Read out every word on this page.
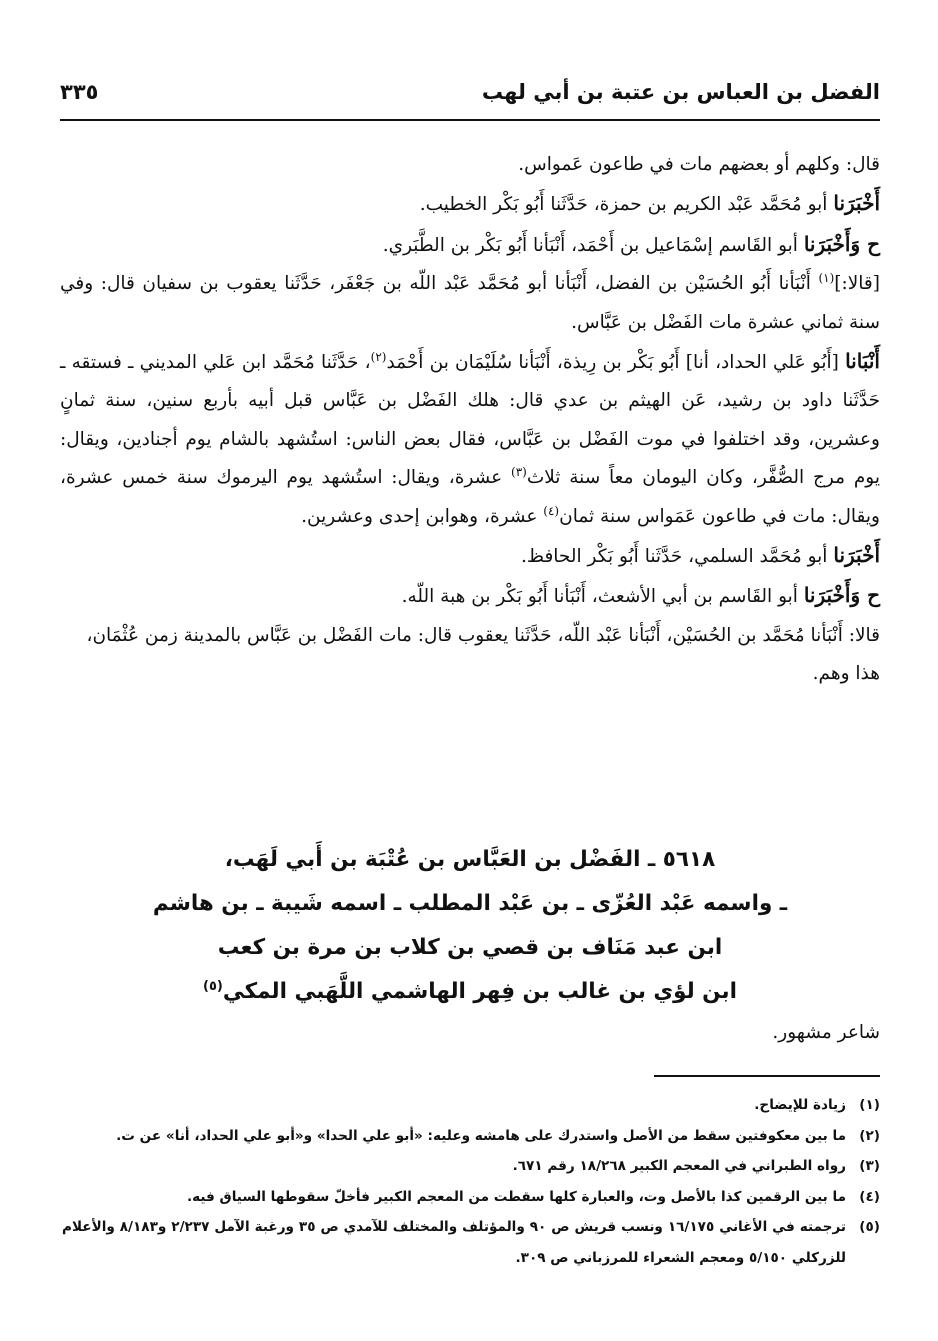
الفضل بن العباس بن عتبة بن أبي لهب
٣٣٥

قال: وكلهم أو بعضهم مات في طاعون عَمواس.

أَخْبَرَنا أبو مُحَمَّد عَبْد الكريم بن حمزة، حَدَّثَنا أَبُو بَكْر الخطيب.

ح وَأَخْبَرَنا أبو القَاسم إسْمَاعيل بن أَحْمَد، أَنْبَأنا أَبُو بَكْر بن الطَّبَري.

[قالا:]$^{(١)}$ أَنْبَأنا أَبُو الحُسَيْن بن الفضل، أَنْبَأنا أبو مُحَمَّد عَبْد اللّه بن جَعْفَر، حَدَّثَنا يعقوب بن سفيان قال: وفي سنة ثماني عشرة مات الفَضْل بن عَبَّاس.

أَنْبَانا [أَبُو عَلي الحداد، أنا] أَبُو بَكْر بن رِيذة، أَنْبَأنا سُلَيْمَان بن أَحْمَد$^{(٢)}$، حَدَّثَنا مُحَمَّد ابن عَلي المديني ـ فستقه ـ حَدَّثَنا داود بن رشيد، عَن الهيثم بن عدي قال: هلك الفَضْل بن عَبَّاس قبل أبيه بأربع سنين، سنة ثمانٍ وعشرين، وقد اختلفوا في موت الفَضْل بن عَبَّاس، فقال بعض الناس: استُشهد بالشام يوم أجنادين، ويقال: يوم مرج الصُّفَّر، وكان اليومان معاً سنة ثلاث$^{(٣)}$ عشرة، ويقال: استُشهد يوم اليرموك سنة خمس عشرة، ويقال: مات في طاعون عَمَواس سنة ثمان$^{(٤)}$ عشرة، وهوابن إحدى وعشرين.

أَخْبَرَنا أبو مُحَمَّد السلمي، حَدَّثَنا أَبُو بَكْر الحافظ.

ح وَأَخْبَرَنا أبو القَاسم بن أبي الأشعث، أَنْبَأنا أَبُو بَكْر بن هبة اللّه.

قالا: أَنْبَأنا مُحَمَّد بن الحُسَيْن، أَنْبَأنا عَبْد اللّه، حَدَّثَنا يعقوب قال: مات الفَضْل بن عَبَّاس بالمدينة زمن عُثْمَان،

هذا وهم.

٥٦١٨ ـ الفَضْل بن العَبَّاس بن عُتْبَة بن أَبي لَهَب،
ـ واسمه عَبْد العُزّى ـ بن عَبْد المطلب ـ اسمه شَيبة ـ بن هاشم
ابن عبد مَنَاف بن قصي بن كلاب بن مرة بن كعب
ابن لؤي بن غالب بن فِهر الهاشمي اللَّهَبي المكي$^{(٥)}$
شاعر مشهور.
(١)
زيادة للإيضاح.
(٢)
ما بين معكوفتين سقط من الأصل واستدرك على هامشه وعليه: «أبو علي الحدا» و«أبو علي الحداد، أنا» عن ت.
(٣)
رواه الطبراني في المعجم الكبير ١٨/٢٦٨ رقم ٦٧١.
(٤)
ما بين الرقمين كذا بالأصل وت، والعبارة كلها سقطت من المعجم الكبير فأخلّ سقوطها السياق فيه.
(٥)
ترجمته في الأغاني ١٦/١٧٥ ونسب قريش ص ٩٠ والمؤتلف والمختلف للآمدي ص ٣٥ ورغبة الآمل ٢/٢٣٧ و٨/١٨٣ والأعلام للزركلي ٥/١٥٠ ومعجم الشعراء للمرزباني ص ٣٠٩.
